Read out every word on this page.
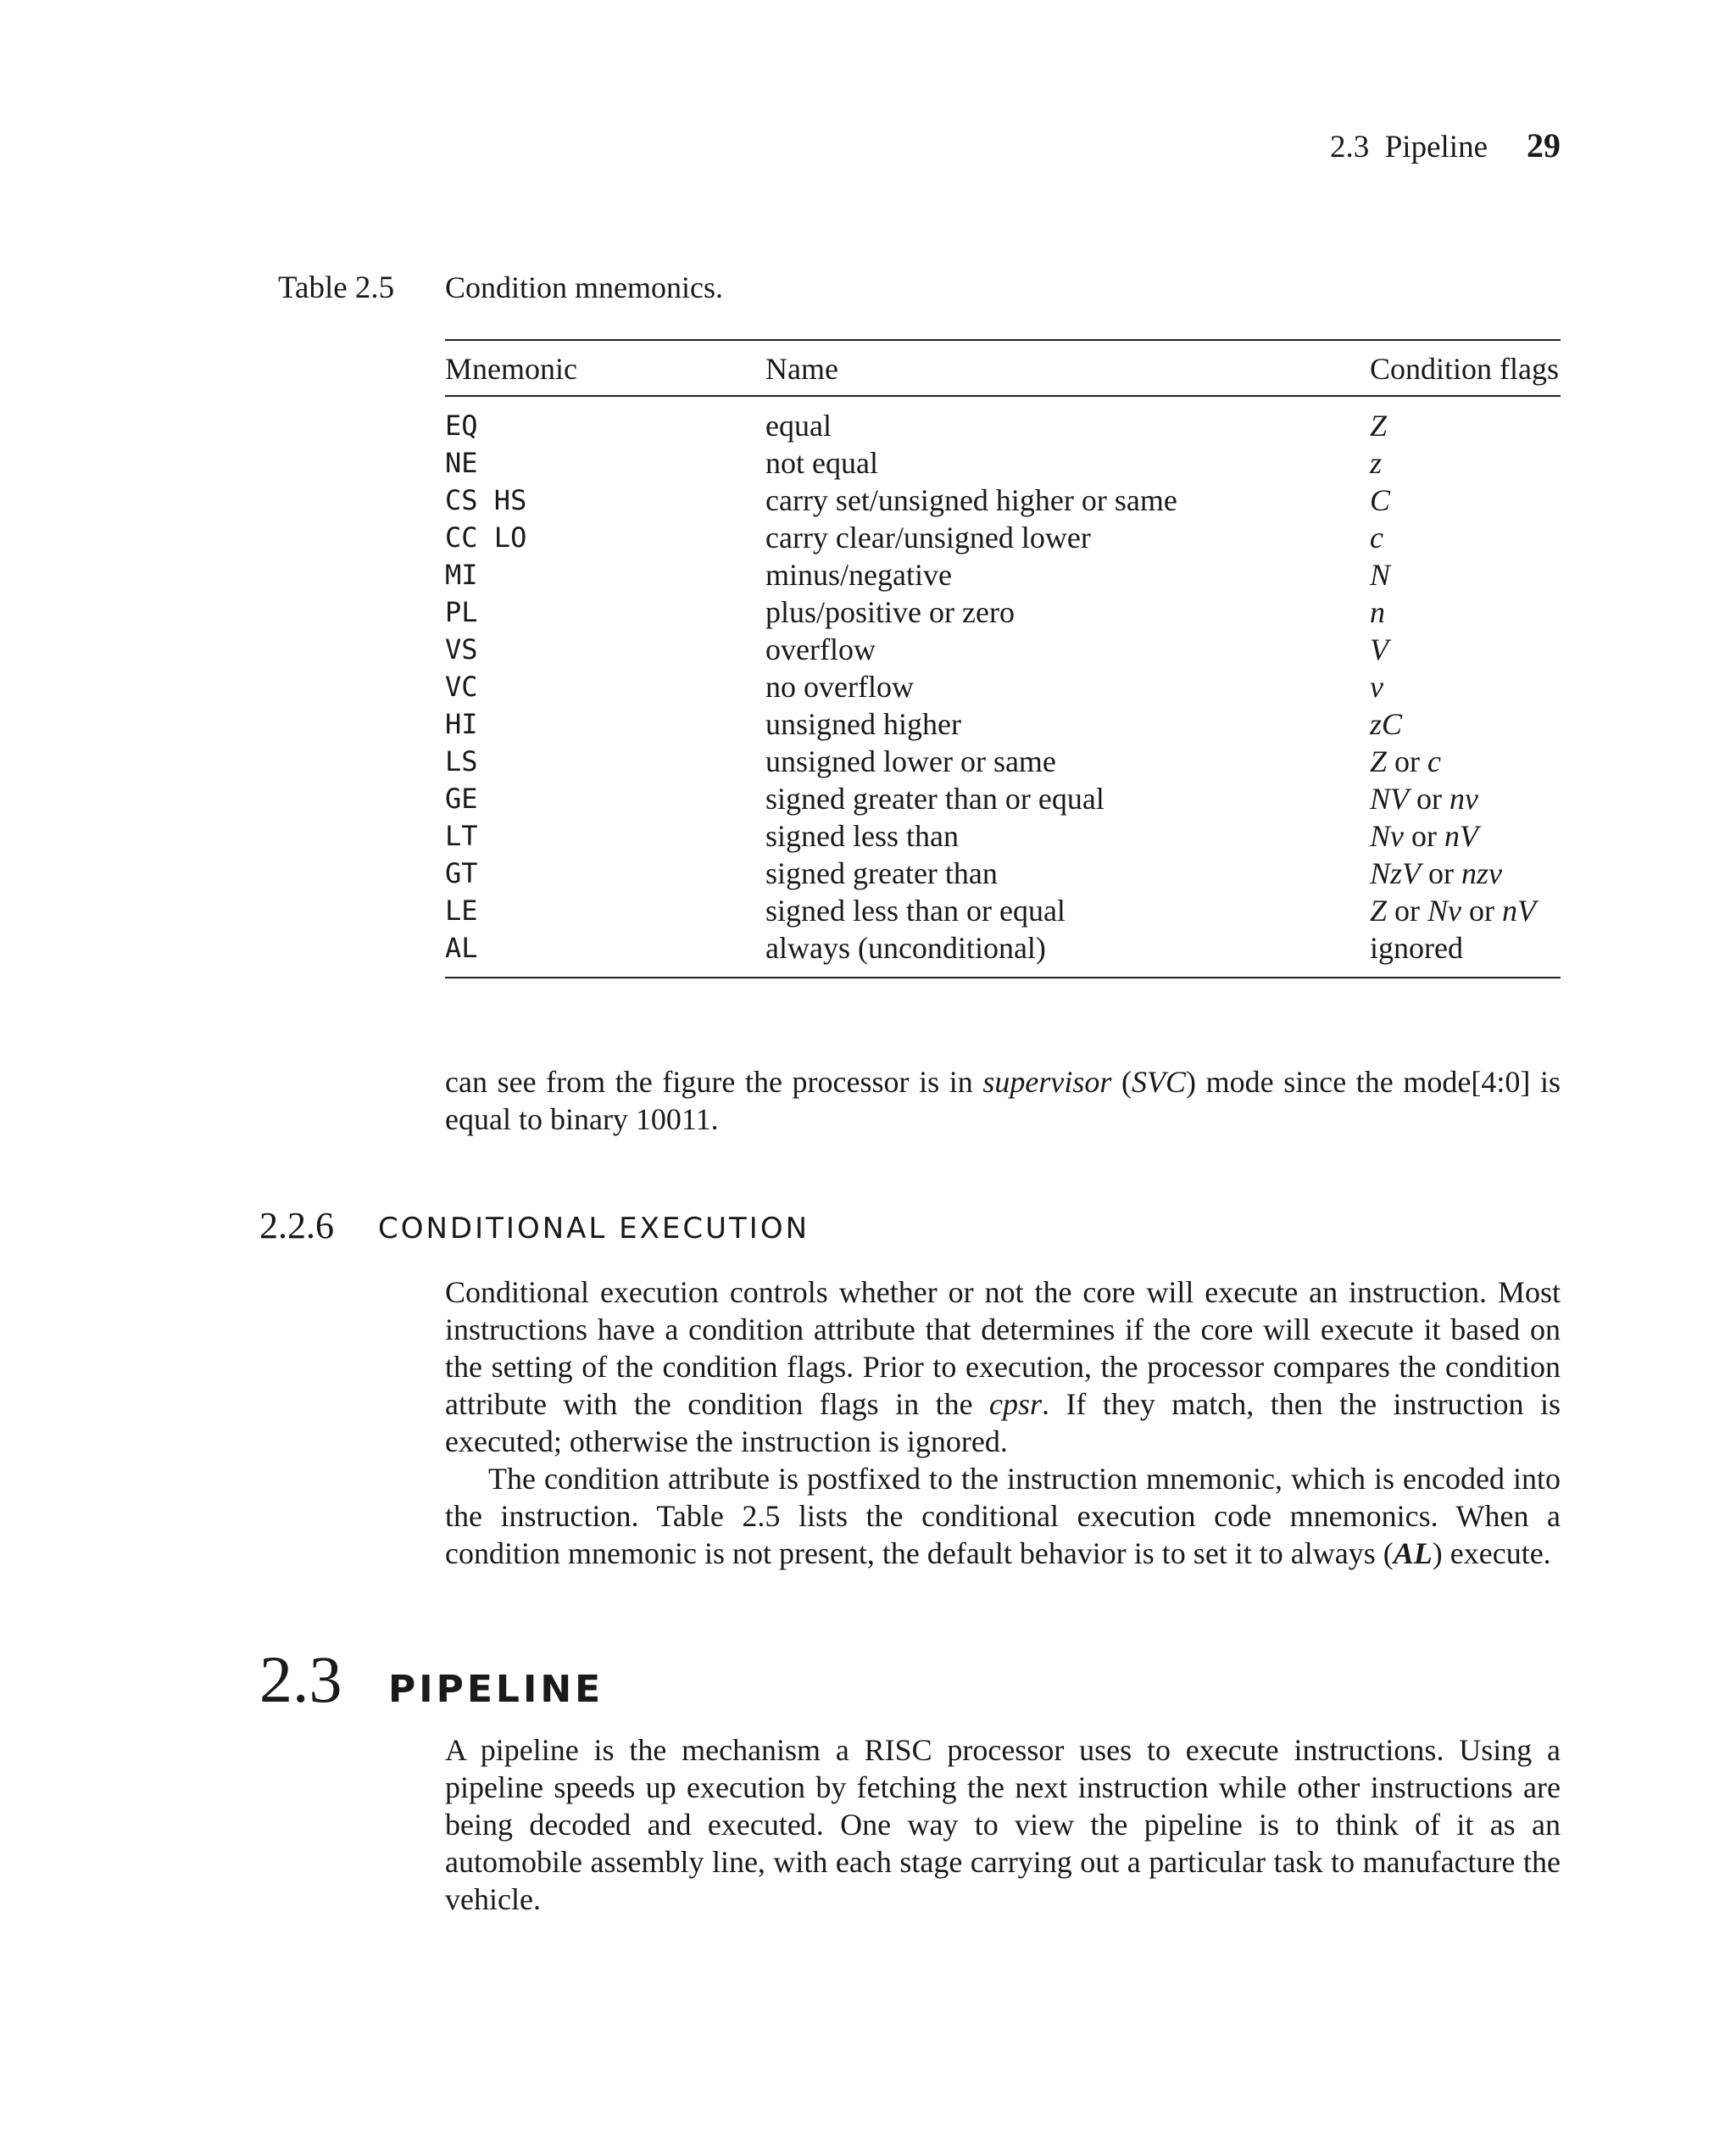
2.3  Pipeline 29
Table 2.5	Condition mnemonics.
Mnemonic	Name	Condition flags
EQ	equal	Z
NE	not equal	z
CS HS	carry set/unsigned higher or same	C
CC LO	carry clear/unsigned lower	c
MI	minus/negative	N
PL	plus/positive or zero	n
VS	overflow	V
VC	no overflow	v
HI	unsigned higher	zC
LS	unsigned lower or same	Z or c
GE	signed greater than or equal	NV or nv
LT	signed less than	Nv or nV
GT	signed greater than	NzV or nzv
LE	signed less than or equal	Z or Nv or nV
AL	always (unconditional)	ignored

can see from the figure the processor is in supervisor (SVC) mode since the mode[4:0] is equal to binary 10011.

2.2.6	CONDITIONAL EXECUTION

Conditional execution controls whether or not the core will execute an instruction. Most instructions have a condition attribute that determines if the core will execute it based on the setting of the condition flags. Prior to execution, the processor compares the condition attribute with the condition flags in the cpsr. If they match, then the instruction is executed; otherwise the instruction is ignored.

The condition attribute is postfixed to the instruction mnemonic, which is encoded into the instruction. Table 2.5 lists the conditional execution code mnemonics. When a condition mnemonic is not present, the default behavior is to set it to always (AL) execute.

2.3	PIPELINE

A pipeline is the mechanism a RISC processor uses to execute instructions. Using a pipeline speeds up execution by fetching the next instruction while other instructions are being decoded and executed. One way to view the pipeline is to think of it as an automobile assembly line, with each stage carrying out a particular task to manufacture the vehicle.
